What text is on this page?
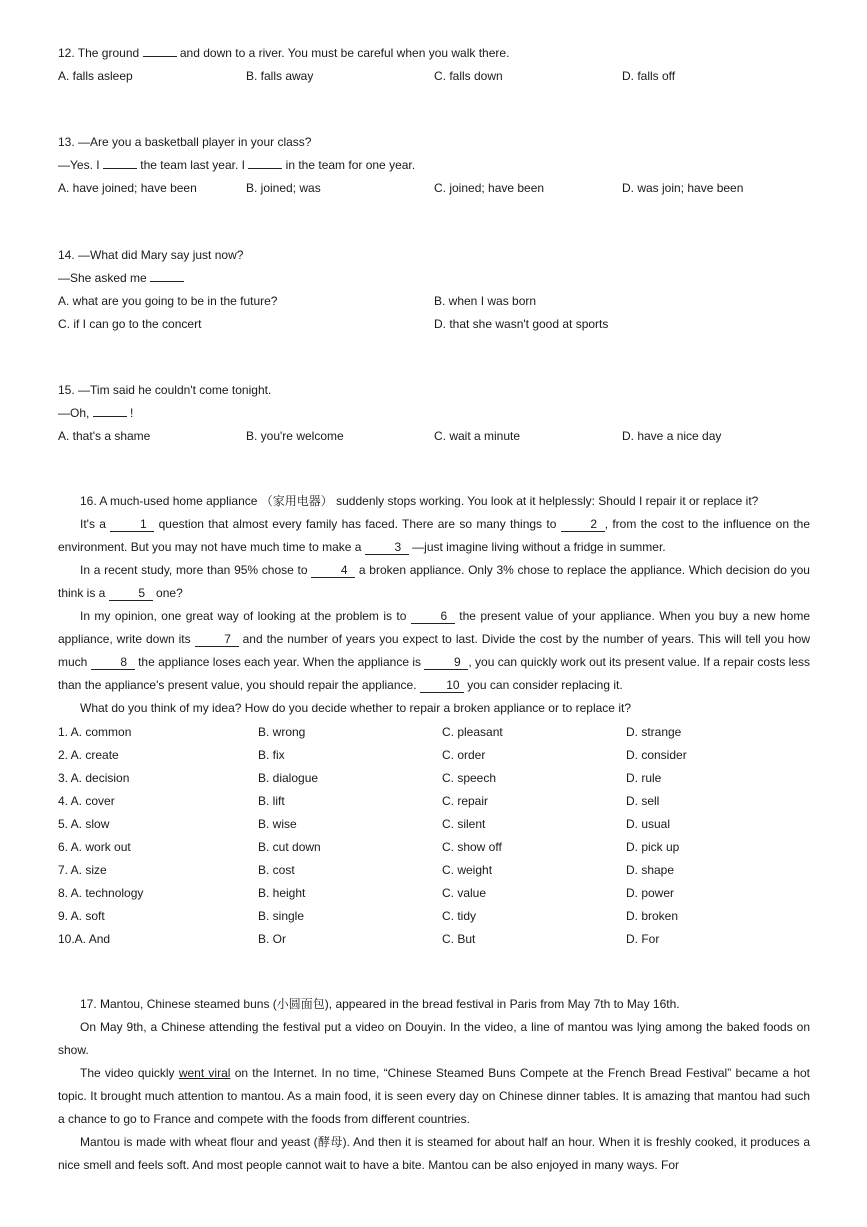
12. The ground	and down to a river. You must be careful when you walk there.
A. falls asleep	B. falls away	C. falls down	D. falls off
13. —Are you a basketball player in your class?
—Yes. I	the team last year. I	in the team for one year.
A. have joined; have been	B. joined; was	C. joined; have been	D. was join; have been
14. —What did Mary say just now?
—She asked me
A. what are you going to be in the future?	B. when I was born
C. if I can go to the concert	D. that she wasn't good at sports
15. —Tim said he couldn't come tonight.
—Oh,	!
A. that's a shame	B. you're welcome	C. wait a minute	D. have a nice day
16. A much-used home appliance （家用电器） suddenly stops working. You look at it helplessly: Should I repair it or replace it?
It's a	1 question that almost every family has faced. There are so many things to	2 , from the cost to the influence on the environment. But you may not have much time to make a	3 —just imagine living without a fridge in summer.
In a recent study, more than 95% chose to	4 a broken appliance. Only 3% chose to replace the appliance. Which decision do you think is a	5 one?
In my opinion, one great way of looking at the problem is to	6 the present value of your appliance. When you buy a new home appliance, write down its	7 and the number of years you expect to last. Divide the cost by the number of years. This will tell you how much	8 the appliance loses each year. When the appliance is	9 , you can quickly work out its present value. If a repair costs less than the appliance's present value, you should repair the appliance. 10 you can consider replacing it.
What do you think of my idea? How do you decide whether to repair a broken appliance or to replace it?
1. A. common	B. wrong	C. pleasant	D. strange
2. A. create	B. fix	C. order	D. consider
3. A. decision	B. dialogue	C. speech	D. rule
4. A. cover	B. lift	C. repair	D. sell
5. A. slow	B. wise	C. silent	D. usual
6. A. work out	B. cut down	C. show off	D. pick up
7. A. size	B. cost	C. weight	D. shape
8. A. technology	B. height	C. value	D. power
9. A. soft	B. single	C. tidy	D. broken
10.A. And	B. Or	C. But	D. For
17. Mantou, Chinese steamed buns (小圆面包), appeared in the bread festival in Paris from May 7th to May 16th.
On May 9th, a Chinese attending the festival put a video on Douyin. In the video, a line of mantou was lying among the baked foods on show.
The video quickly went viral on the Internet. In no time, “Chinese Steamed Buns Compete at the French Bread Festival” became a hot topic. It brought much attention to mantou. As a main food, it is seen every day on Chinese dinner tables. It is amazing that mantou had such a chance to go to France and compete with the foods from different countries.
Mantou is made with wheat flour and yeast (酵母). And then it is steamed for about half an hour. When it is freshly cooked, it produces a nice smell and feels soft. And most people cannot wait to have a bite. Mantou can be also enjoyed in many ways. For
